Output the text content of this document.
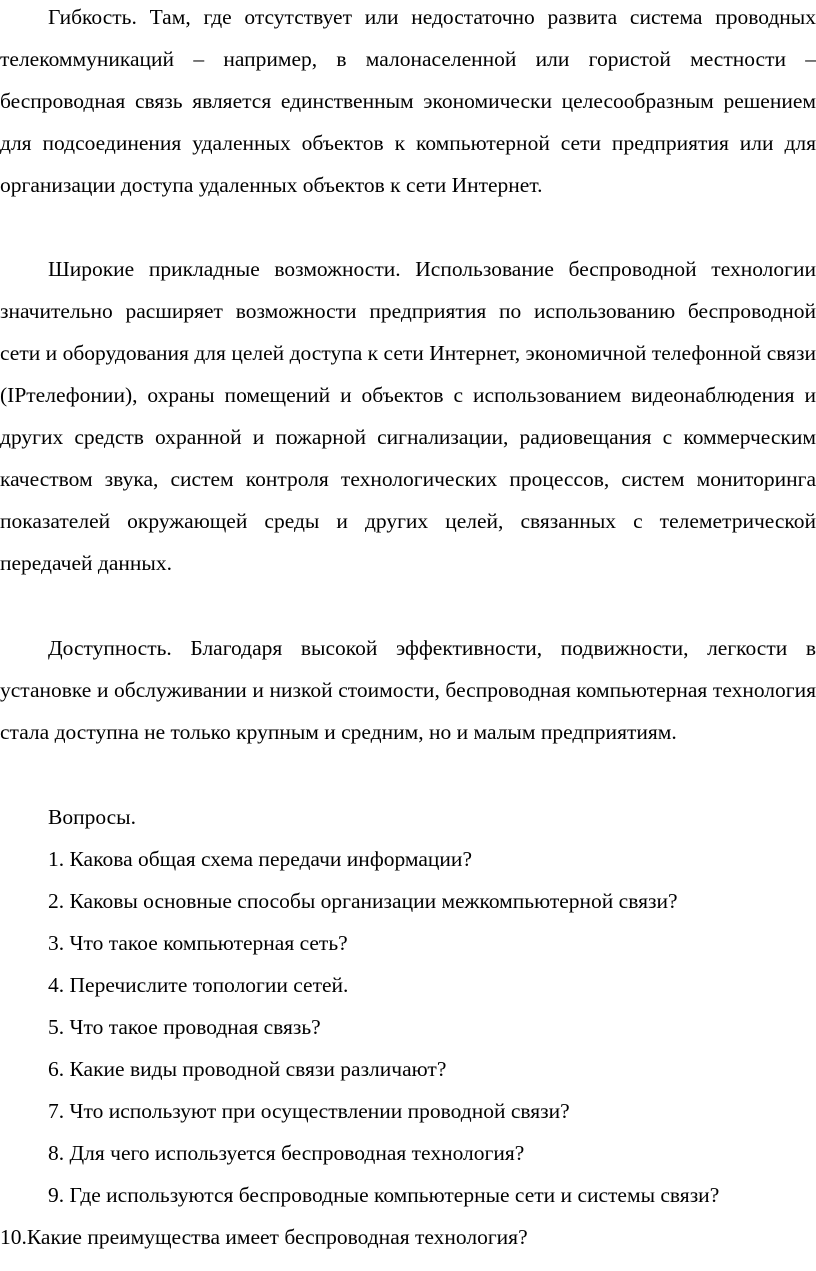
Гибкость. Там, где отсутствует или недостаточно развита система проводных телекоммуникаций – например, в малонаселенной или гористой местности – беспроводная связь является единственным экономически целесообразным решением для подсоединения удаленных объектов к компьютерной сети предприятия или для организации доступа удаленных объектов к сети Интернет.

Широкие прикладные возможности. Использование беспроводной технологии значительно расширяет возможности предприятия по использованию беспроводной сети и оборудования для целей доступа к сети Интернет, экономичной телефонной связи (IPтелефонии), охраны помещений и объектов с использованием видеонаблюдения и других средств охранной и пожарной сигнализации, радиовещания с коммерческим качеством звука, систем контроля технологических процессов, систем мониторинга показателей окружающей среды и других целей, связанных с телеметрической передачей данных.

Доступность. Благодаря высокой эффективности, подвижности, легкости в установке и обслуживании и низкой стоимости, беспроводная компьютерная технология стала доступна не только крупным и средним, но и малым предприятиям.

Вопросы.
1. Какова общая схема передачи информации?
2. Каковы основные способы организации межкомпьютерной связи?
3. Что такое компьютерная сеть?
4. Перечислите топологии сетей.
5. Что такое проводная связь?
6. Какие виды проводной связи различают?
7. Что используют при осуществлении проводной связи?
8. Для чего используется беспроводная технология?
9. Где используются беспроводные компьютерные сети и системы связи?
10.Какие преимущества имеет беспроводная технология?
